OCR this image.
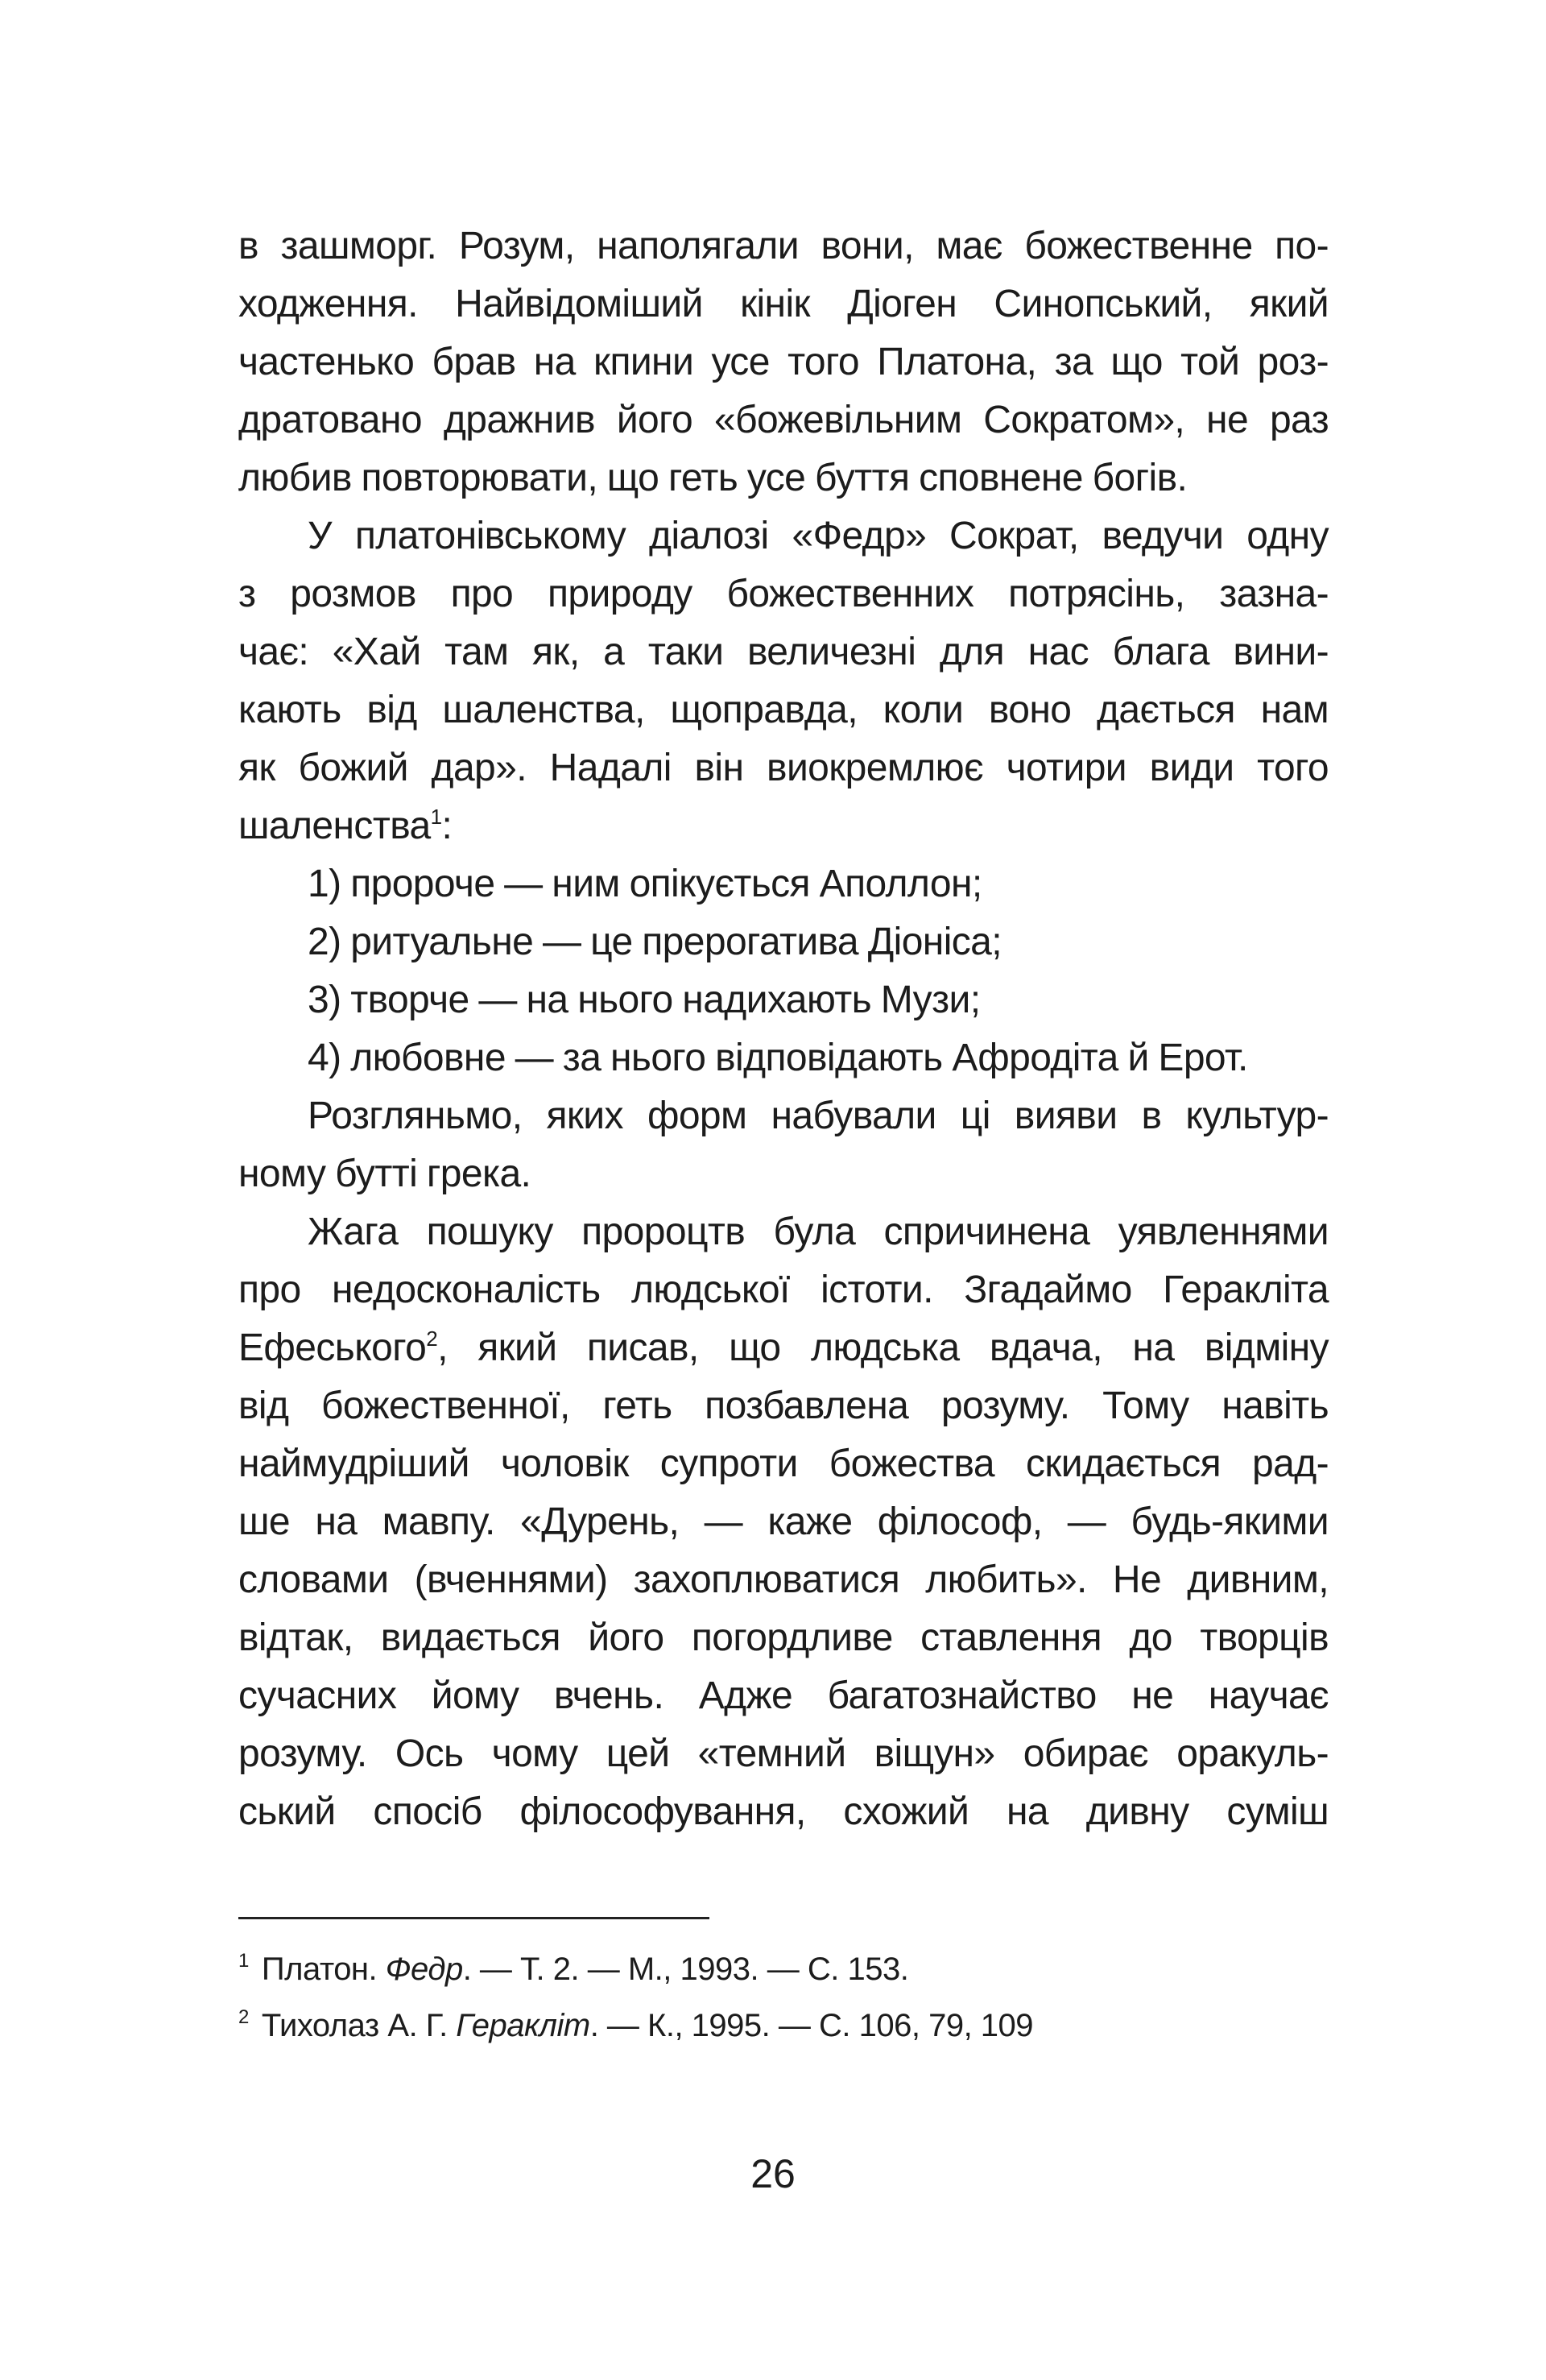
в зашморг. Розум, наполягали вони, має божественне по-
ходження. Найвідоміший кінік Діоген Синопський, який
частенько брав на кпини усе того Платона, за що той роз-
дратовано дражнив його «божевільним Сократом», не раз
любив повторювати, що геть усе буття сповнене богів.
У платонівському діалозі «Федр» Сократ, ведучи одну
з розмов про природу божественних потрясінь, зазна-
чає: «Хай там як, а таки величезні для нас блага вини-
кають від шаленства, щоправда, коли воно дається нам
як божий дар». Надалі він виокремлює чотири види того
шаленства$^1$:
1) пророче — ним опікується Аполлон;
2) ритуальне — це прерогатива Діоніса;
3) творче — на нього надихають Музи;
4) любовне — за нього відповідають Афродіта й Ерот.
Розгляньмо, яких форм набували ці вияви в культур-
ному бутті грека.
Жага пошуку пророцтв була спричинена уявленнями
про недосконалість людської істоти. Згадаймо Геракліта
Ефеського$^2$, який писав, що людська вдача, на відміну
від божественної, геть позбавлена розуму. Тому навіть
наймудріший чоловік супроти божества скидається рад-
ше на мавпу. «Дурень, — каже філософ, — будь-якими
словами (вченнями) захоплюватися любить». Не дивним,
відтак, видається його погордливе ставлення до творців
сучасних йому вчень. Адже багатознайство не научає
розуму. Ось чому цей «темний віщун» обирає оракуль-
ський спосіб філософування, схожий на дивну суміш
$^1$ Платон. Федр. — Т. 2. — М., 1993. — С. 153.
$^2$ Тихолаз А. Г. Геракліт. — К., 1995. — С. 106, 79, 109
26
